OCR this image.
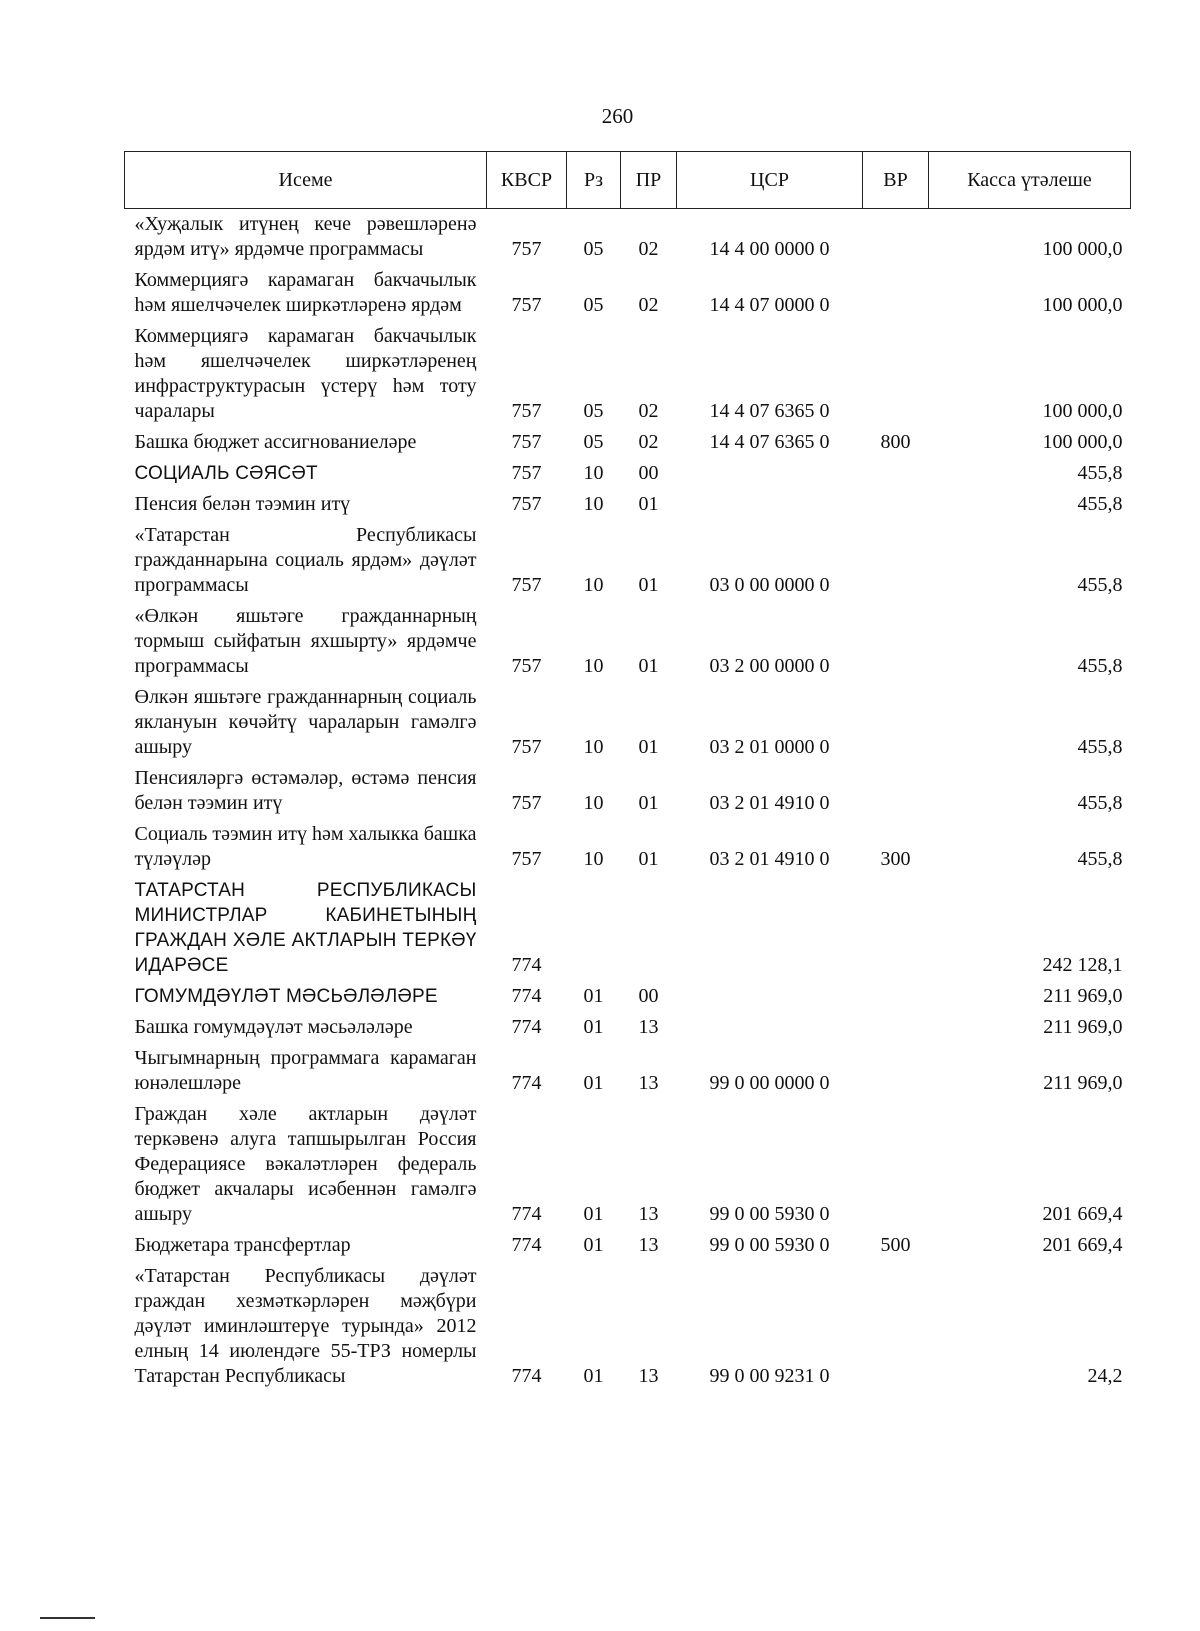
260
Исеме	КВСР	Рз	ПР	ЦСР	ВР	Касса үтәлеше
«Хуҗалык итүнең кече рәвешләренә ярдәм итү» ярдәмче программасы	757	05	02	14 4 00 0000 0		100 000,0
Коммерциягә карамаган бакчачылык һәм яшелчәчелек ширкәтләренә ярдәм	757	05	02	14 4 07 0000 0		100 000,0
Коммерциягә карамаган бакчачылык һәм яшелчәчелек ширкәтләренең инфраструктурасын үстерү һәм тоту чаралары	757	05	02	14 4 07 6365 0		100 000,0
Башка бюджет ассигнованиеләре	757	05	02	14 4 07 6365 0	800	100 000,0
СОЦИАЛЬ СӘЯСӘТ	757	10	00			455,8
Пенсия белән тәэмин итү	757	10	01			455,8
«Татарстан Республикасы гражданнарына социаль ярдәм» дәүләт программасы	757	10	01	03 0 00 0000 0		455,8
«Өлкән яшьтәге гражданнарның тормыш сыйфатын яхшырту» ярдәмче программасы	757	10	01	03 2 00 0000 0		455,8
Өлкән яшьтәге гражданнарның социаль яклануын көчәйтү чараларын гамәлгә ашыру	757	10	01	03 2 01 0000 0		455,8
Пенсияләргә өстәмәләр, өстәмә пенсия белән тәэмин итү	757	10	01	03 2 01 4910 0		455,8
Социаль тәэмин итү һәм халыкка башка түләүләр	757	10	01	03 2 01 4910 0	300	455,8
ТАТАРСТАН РЕСПУБЛИКАСЫ МИНИСТРЛАР КАБИНЕТЫНЫҢ ГРАЖДАН ХӘЛЕ АКТЛАРЫН ТЕРКӘҮ ИДАРӘСЕ	774					242 128,1
ГОМУМДӘҮЛӘТ МӘСЬӘЛӘЛӘРЕ	774	01	00			211 969,0
Башка гомумдәүләт мәсьәләләре	774	01	13			211 969,0
Чыгымнарның программага карамаган юнәлешләре	774	01	13	99 0 00 0000 0		211 969,0
Граждан хәле актларын дәүләт теркәвенә алуга тапшырылган Россия Федерациясе вәкаләтләрен федераль бюджет акчалары исәбеннән гамәлгә ашыру	774	01	13	99 0 00 5930 0		201 669,4
Бюджетара трансфертлар	774	01	13	99 0 00 5930 0	500	201 669,4
«Татарстан Республикасы дәүләт граждан хезмәткәрләрен мәҗбүри дәүләт иминләштерүе турында» 2012 елның 14 июлендәге 55-ТРЗ номерлы Татарстан Республикасы	774	01	13	99 0 00 9231 0		24,2
